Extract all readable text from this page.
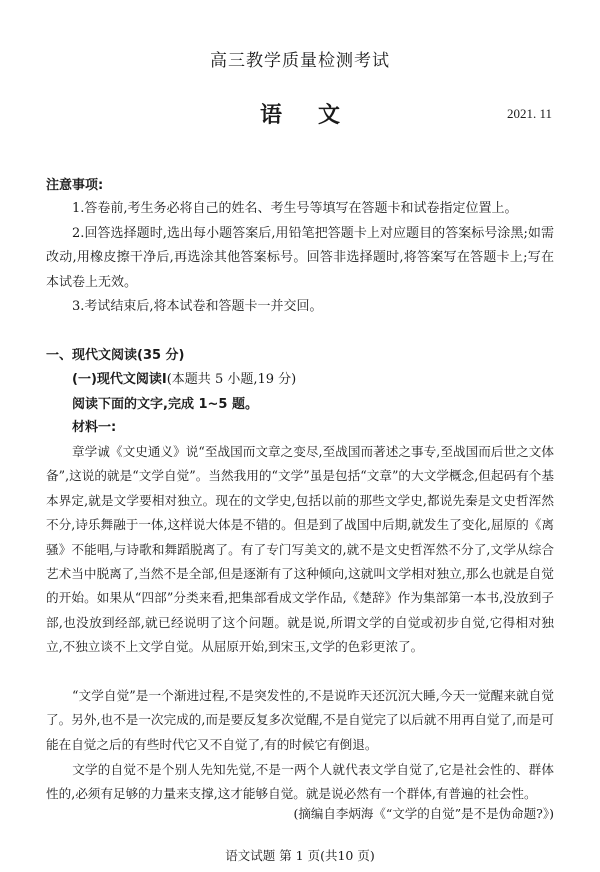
高三教学质量检测考试
语 文	2021. 11
注意事项:
1.答卷前,考生务必将自己的姓名、考生号等填写在答题卡和试卷指定位置上。
2.回答选择题时,选出每小题答案后,用铅笔把答题卡上对应题目的答案标号涂黑;如需改动,用橡皮擦干净后,再选涂其他答案标号。回答非选择题时,将答案写在答题卡上;写在本试卷上无效。
3.考试结束后,将本试卷和答题卡一并交回。
一、现代文阅读(35 分)
(一)现代文阅读Ⅰ(本题共 5 小题,19 分)
阅读下面的文字,完成 1~5 题。
材料一:
章学诚《文史通义》说“至战国而文章之变尽,至战国而著述之事专,至战国而后世之文体备”,这说的就是“文学自觉”。当然我用的“文学”虽是包括“文章”的大文学概念,但起码有个基本界定,就是文学要相对独立。现在的文学史,包括以前的那些文学史,都说先秦是文史哲浑然不分,诗乐舞融于一体,这样说大体是不错的。但是到了战国中后期,就发生了变化,屈原的《离骚》不能唱,与诗歌和舞蹈脱离了。有了专门写美文的,就不是文史哲浑然不分了,文学从综合艺术当中脱离了,当然不是全部,但是逐渐有了这种倾向,这就叫文学相对独立,那么也就是自觉的开始。如果从“四部”分类来看,把集部看成文学作品,《楚辞》作为集部第一本书,没放到子部,也没放到经部,就已经说明了这个问题。就是说,所谓文学的自觉或初步自觉,它得相对独立,不独立谈不上文学自觉。从屈原开始,到宋玉,文学的色彩更浓了。
“文学自觉”是一个渐进过程,不是突发性的,不是说昨天还沉沉大睡,今天一觉醒来就自觉了。另外,也不是一次完成的,而是要反复多次觉醒,不是自觉完了以后就不用再自觉了,而是可能在自觉之后的有些时代它又不自觉了,有的时候它有倒退。
文学的自觉不是个别人先知先觉,不是一两个人就代表文学自觉了,它是社会性的、群体性的,必须有足够的力量来支撑,这才能够自觉。就是说必然有一个群体,有普遍的社会性。
(摘编自李炳海《“文学的自觉”是不是伪命题?》)
语文试题 第 1 页(共10 页)
